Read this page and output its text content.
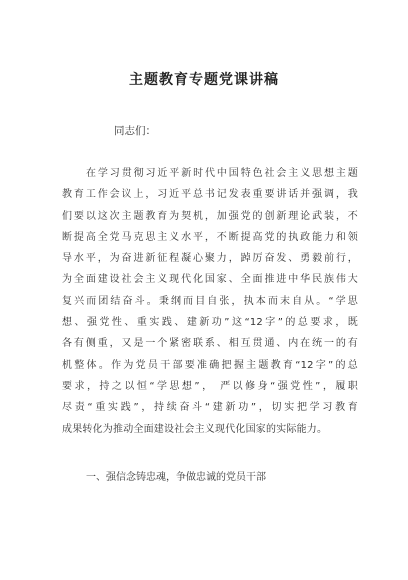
主题教育专题党课讲稿
同志们：
在学习贯彻习近平新时代中国特色社会主义思想主题
教育工作会议上，习近平总书记发表重要讲话并强调，我
们要以这次主题教育为契机，加强党的创新理论武装，不
断提高全党马克思主义水平，不断提高党的执政能力和领
导水平，为奋进新征程凝心聚力，踔厉奋发、勇毅前行，
为全面建设社会主义现代化国家、全面推进中华民族伟大
复兴而团结奋斗。秉纲而目自张，执本而末自从。“学思
想、强党性、重实践、建新功”这“12字”的总要求，既
各有侧重，又是一个紧密联系、相互贯通、内在统一的有
机整体。作为党员干部要准确把握主题教育“12字”的总
要求，持之以恒“学思想”， 严以修身“强党性”，履职
尽责“重实践”，持续奋斗“建新功”，切实把学习教育
成果转化为推动全面建设社会主义现代化国家的实际能力。
一、强信念铸忠魂，争做忠诚的党员干部
